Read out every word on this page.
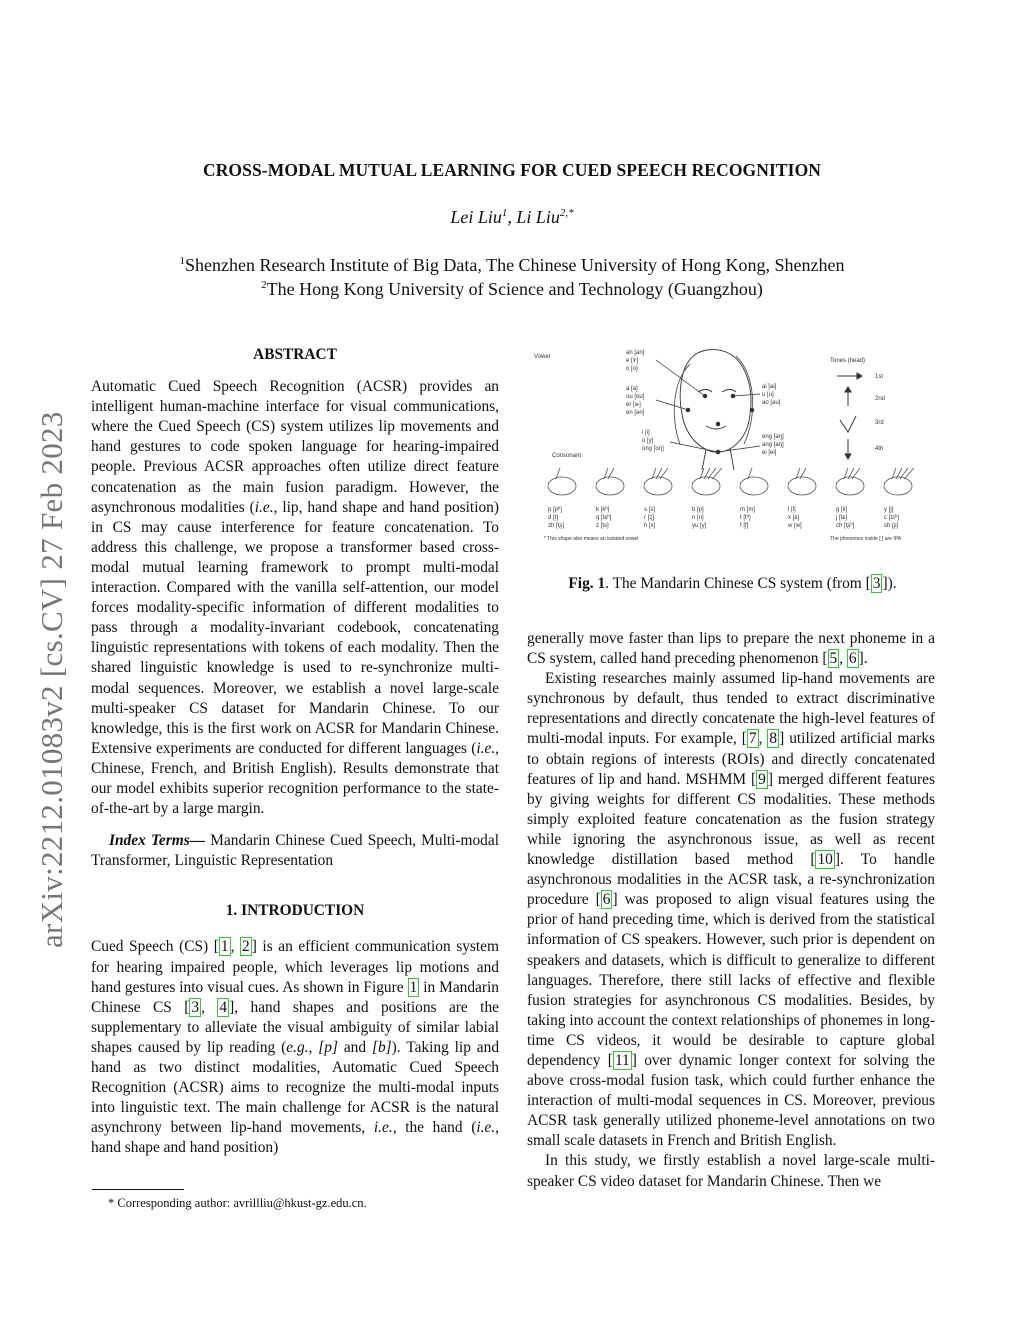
arXiv:2212.01083v2 [cs.CV] 27 Feb 2023
CROSS-MODAL MUTUAL LEARNING FOR CUED SPEECH RECOGNITION
Lei Liu$^1$, Li Liu$^{2,*}$
$^1$Shenzhen Research Institute of Big Data, The Chinese University of Hong Kong, Shenzhen
$^2$The Hong Kong University of Science and Technology (Guangzhou)
ABSTRACT

Automatic Cued Speech Recognition (ACSR) provides an intelligent human-machine interface for visual communications, where the Cued Speech (CS) system utilizes lip movements and hand gestures to code spoken language for hearing-impaired people. Previous ACSR approaches often utilize direct feature concatenation as the main fusion paradigm. However, the asynchronous modalities (i.e., lip, hand shape and hand position) in CS may cause interference for feature concatenation. To address this challenge, we propose a transformer based cross-modal mutual learning framework to prompt multi-modal interaction. Compared with the vanilla self-attention, our model forces modality-specific information of different modalities to pass through a modality-invariant codebook, concatenating linguistic representations with tokens of each modality. Then the shared linguistic knowledge is used to re-synchronize multi-modal sequences. Moreover, we establish a novel large-scale multi-speaker CS dataset for Mandarin Chinese. To our knowledge, this is the first work on ACSR for Mandarin Chinese. Extensive experiments are conducted for different languages (i.e., Chinese, French, and British English). Results demonstrate that our model exhibits superior recognition performance to the state-of-the-art by a large margin.

Index Terms— Mandarin Chinese Cued Speech, Multi-modal Transformer, Linguistic Representation

1. INTRODUCTION

Cued Speech (CS) [ 1 , 2 ] is an efficient communication system for hearing impaired people, which leverages lip motions and hand gestures into visual cues. As shown in Figure 1 in Mandarin Chinese CS [ 3 , 4 ], hand shapes and positions are the supplementary to alleviate the visual ambiguity of similar labial shapes caused by lip reading (e.g., [p] and [b]). Taking lip and hand as two distinct modalities, Automatic Cued Speech Recognition (ACSR) aims to recognize the multi-modal inputs into linguistic text. The main challenge for ACSR is the natural asynchrony between lip-hand movements, i.e., the hand (i.e., hand shape and hand position)

* Corresponding author: avrillliu@hkust-gz.edu.cn.
Vowel
Consonant
Tones (head)
an [an]
e [ɤ]
o [o]
a [a]
ou [ou]
er [ɚ]
en [ən]
i [i]
ü [y]
ong [ʊŋ]
ai [ai]
u [u]
ao [au]
eng [əŋ]
ang [aŋ]
ei [ei]
1st
2nd
3rd
4th
p [pʰ]
d [t]
zh [tʂ]
k [kʰ]
q [tɕʰ]
z [ts]
s [s]
r [ʐ]
h [x]
b [p]
n [n]
yu [y]
m [m]
t [tʰ]
f [f]
l [l]
x [ɕ]
w [w]
g [k]
j [tɕ]
ch [tʂʰ]
y [j]
c [tsʰ]
sh [ʂ]
* This shape also means an isolated vowel	The phonemes inside [ ] are IPA
Fig. 1. The Mandarin Chinese CS system (from [ 3 ]).

generally move faster than lips to prepare the next phoneme in a CS system, called hand preceding phenomenon [ 5 , 6 ].

Existing researches mainly assumed lip-hand movements are synchronous by default, thus tended to extract discriminative representations and directly concatenate the high-level features of multi-modal inputs. For example, [ 7 , 8 ] utilized artificial marks to obtain regions of interests (ROIs) and directly concatenated features of lip and hand. MSHMM [ 9 ] merged different features by giving weights for different CS modalities. These methods simply exploited feature concatenation as the fusion strategy while ignoring the asynchronous issue, as well as recent knowledge distillation based method [ 10 ]. To handle asynchronous modalities in the ACSR task, a re-synchronization procedure [ 6 ] was proposed to align visual features using the prior of hand preceding time, which is derived from the statistical information of CS speakers. However, such prior is dependent on speakers and datasets, which is difficult to generalize to different languages. Therefore, there still lacks of effective and flexible fusion strategies for asynchronous CS modalities. Besides, by taking into account the context relationships of phonemes in long-time CS videos, it would be desirable to capture global dependency [ 11 ] over dynamic longer context for solving the above cross-modal fusion task, which could further enhance the interaction of multi-modal sequences in CS. Moreover, previous ACSR task generally utilized phoneme-level annotations on two small scale datasets in French and British English.

In this study, we firstly establish a novel large-scale multi-speaker CS video dataset for Mandarin Chinese. Then we
